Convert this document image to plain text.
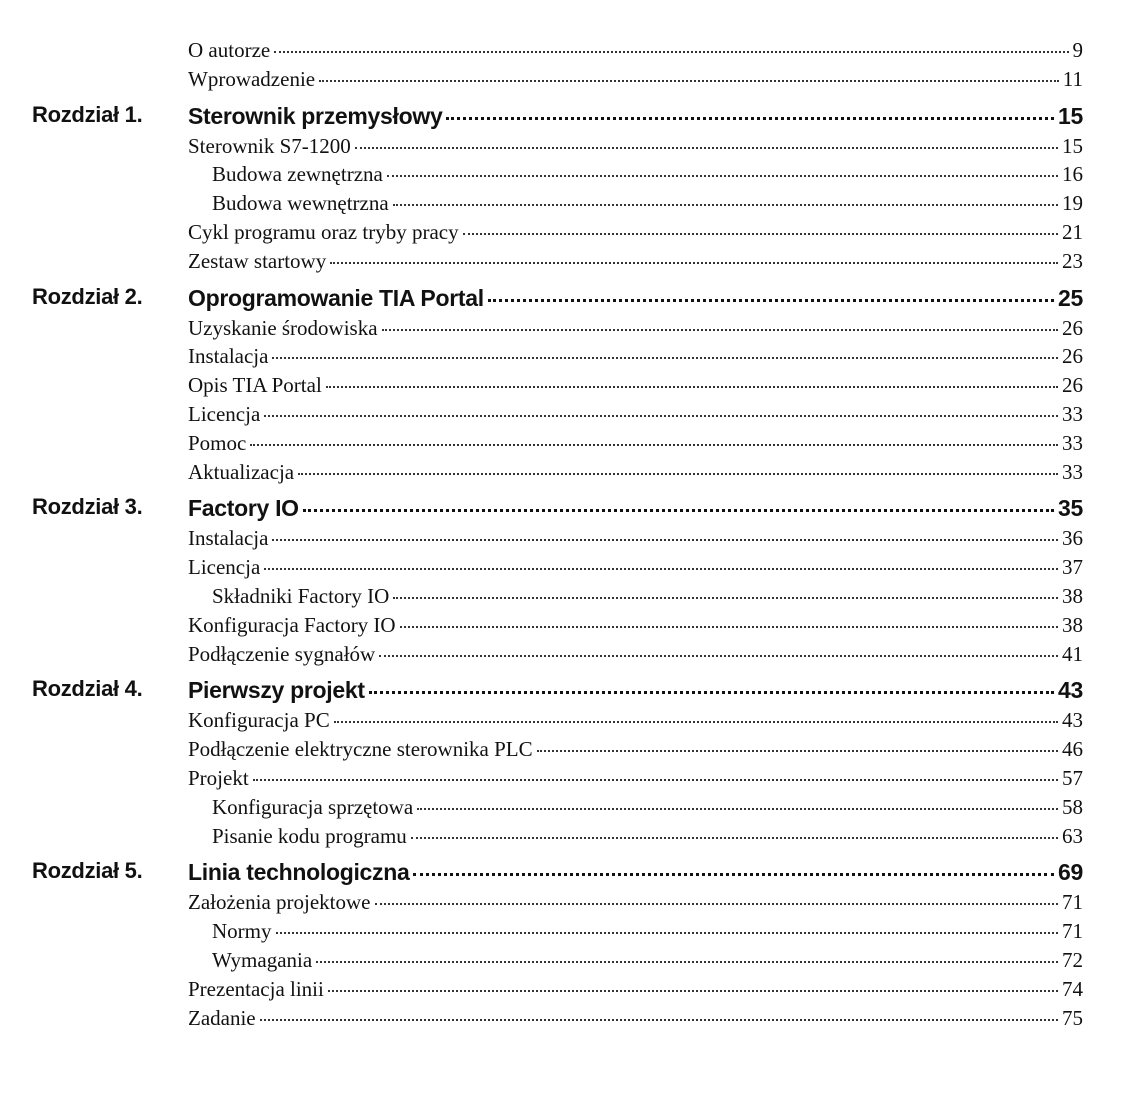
O autorze	9
Wprowadzenie	11
Rozdział 1. Sterownik przemysłowy	15
Sterownik S7-1200	15
Budowa zewnętrzna	16
Budowa wewnętrzna	19
Cykl programu oraz tryby pracy	21
Zestaw startowy	23
Rozdział 2. Oprogramowanie TIA Portal	25
Uzyskanie środowiska	26
Instalacja	26
Opis TIA Portal	26
Licencja	33
Pomoc	33
Aktualizacja	33
Rozdział 3. Factory IO	35
Instalacja	36
Licencja	37
Składniki Factory IO	38
Konfiguracja Factory IO	38
Podłączenie sygnałów	41
Rozdział 4. Pierwszy projekt	43
Konfiguracja PC	43
Podłączenie elektryczne sterownika PLC	46
Projekt	57
Konfiguracja sprzętowa	58
Pisanie kodu programu	63
Rozdział 5. Linia technologiczna	69
Założenia projektowe	71
Normy	71
Wymagania	72
Prezentacja linii	74
Zadanie	75
